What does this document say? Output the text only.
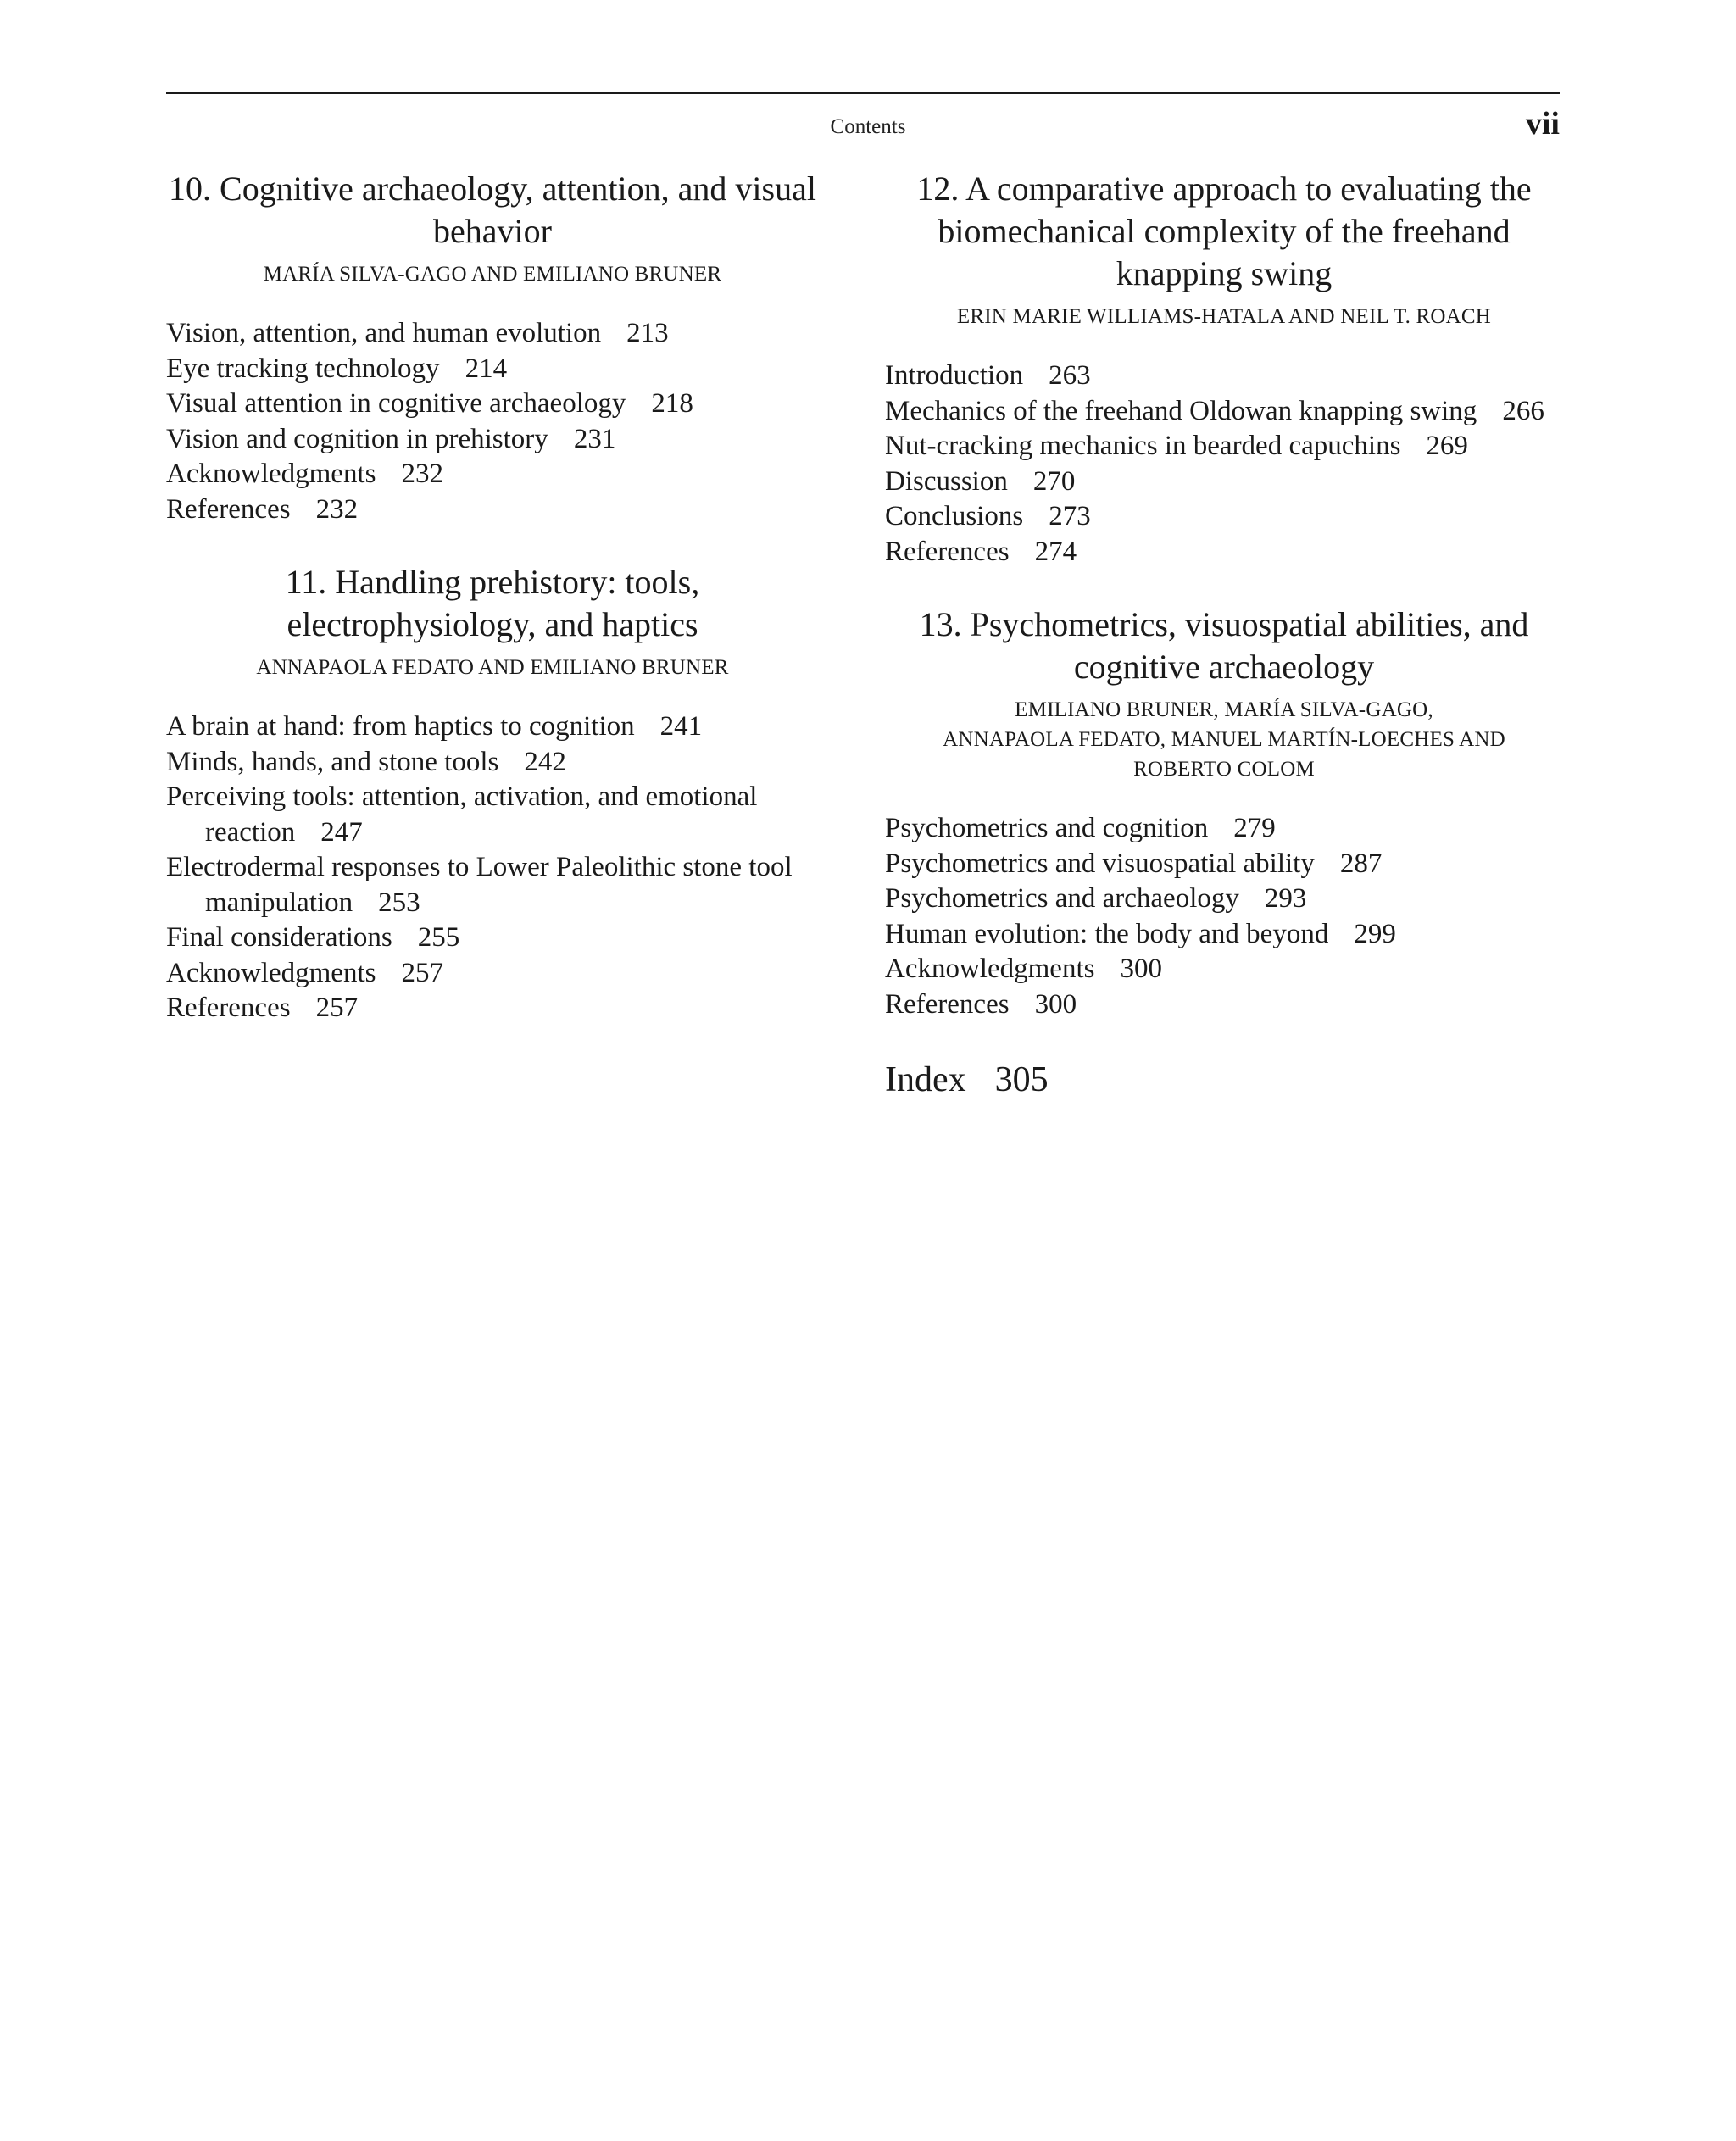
Contents	vii
10. Cognitive archaeology, attention, and visual behavior

MARÍA SILVA-GAGO AND EMILIANO BRUNER

Vision, attention, and human evolution 213
Eye tracking technology 214
Visual attention in cognitive archaeology 218
Vision and cognition in prehistory 231
Acknowledgments 232
References 232
11. Handling prehistory: tools, electrophysiology, and haptics

ANNAPAOLA FEDATO AND EMILIANO BRUNER

A brain at hand: from haptics to cognition 241
Minds, hands, and stone tools 242
Perceiving tools: attention, activation, and emotional reaction 247
Electrodermal responses to Lower Paleolithic stone tool manipulation 253
Final considerations 255
Acknowledgments 257
References 257
12. A comparative approach to evaluating the biomechanical complexity of the freehand knapping swing

ERIN MARIE WILLIAMS-HATALA AND NEIL T. ROACH

Introduction 263
Mechanics of the freehand Oldowan knapping swing 266
Nut-cracking mechanics in bearded capuchins 269
Discussion 270
Conclusions 273
References 274
13. Psychometrics, visuospatial abilities, and cognitive archaeology

EMILIANO BRUNER, MARÍA SILVA-GAGO,
ANNAPAOLA FEDATO, MANUEL MARTÍN-LOECHES AND
ROBERTO COLOM

Psychometrics and cognition 279
Psychometrics and visuospatial ability 287
Psychometrics and archaeology 293
Human evolution: the body and beyond 299
Acknowledgments 300
References 300
Index 305
